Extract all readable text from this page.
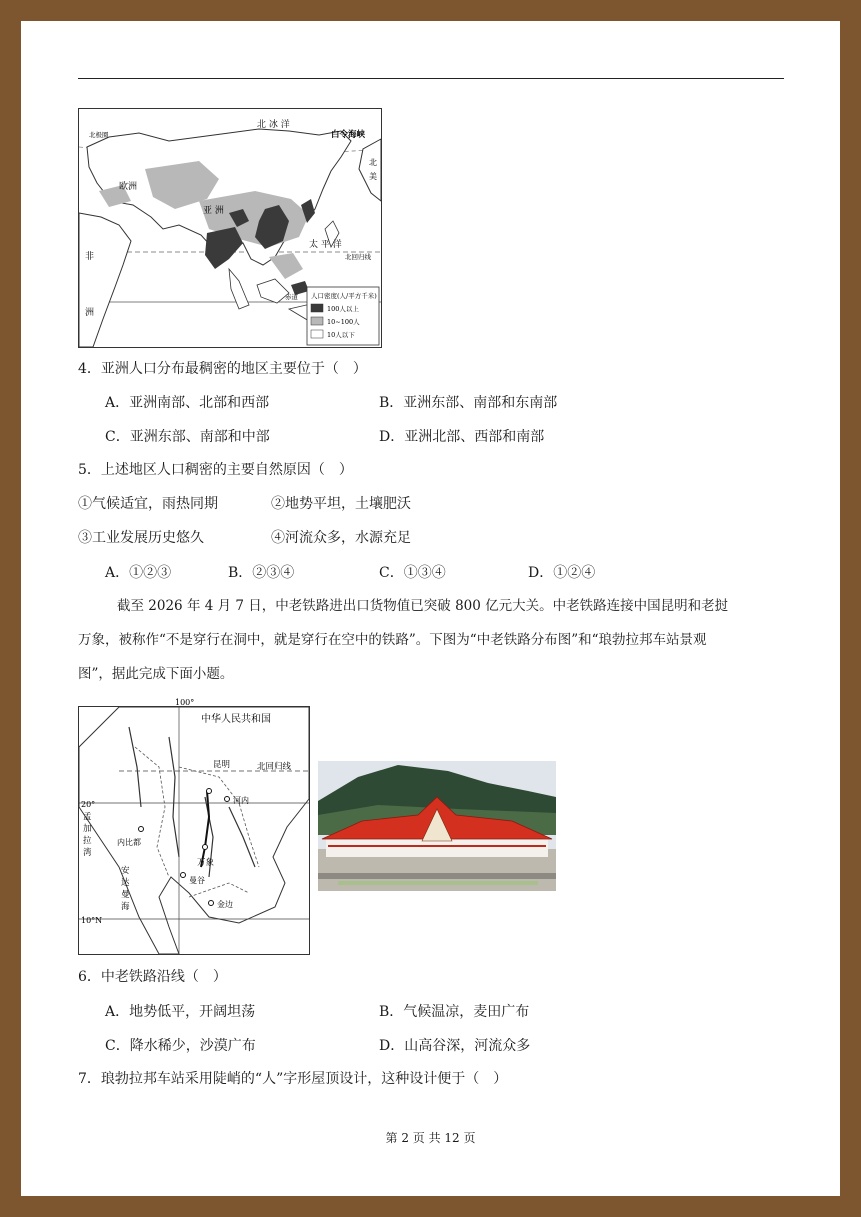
人口密度(人/平方千米)
100人以上
10~100人
10人以下
北 冰 洋
白令海峡
北极圈
欧洲
亚 洲
太 平 洋
非
洲
北
美
北回归线
赤道
4．亚洲人口分布最稠密的地区主要位于（　）
A．亚洲南部、北部和西部	B．亚洲东部、南部和东南部
C．亚洲东部、南部和中部	D．亚洲北部、西部和南部
5．上述地区人口稠密的主要自然原因（　）
①气候适宜，雨热同期	②地势平坦，土壤肥沃
③工业发展历史悠久	④河流众多，水源充足
A．①②③	B．②③④	C．①③④	D．①②④
截至 2026 年 4 月 7 日，中老铁路进出口货物值已突破 800 亿元大关。中老铁路连接中国昆明和老挝
万象，被称作“不是穿行在洞中，就是穿行在空中的铁路”。下图为“中老铁路分布图”和“琅勃拉邦车站景观
图”，据此完成下面小题。
中华人民共和国
100°
昆明	北回归线
河内
20°
孟
加
拉
湾
内比都
万象
安
达
曼
海
曼谷
金边
10°N
6．中老铁路沿线（　）
A．地势低平，开阔坦荡	B．气候温凉，麦田广布
C．降水稀少，沙漠广布	D．山高谷深，河流众多
7．琅勃拉邦车站采用陡峭的“人”字形屋顶设计，这种设计便于（　）
第 2 页 共 12 页
